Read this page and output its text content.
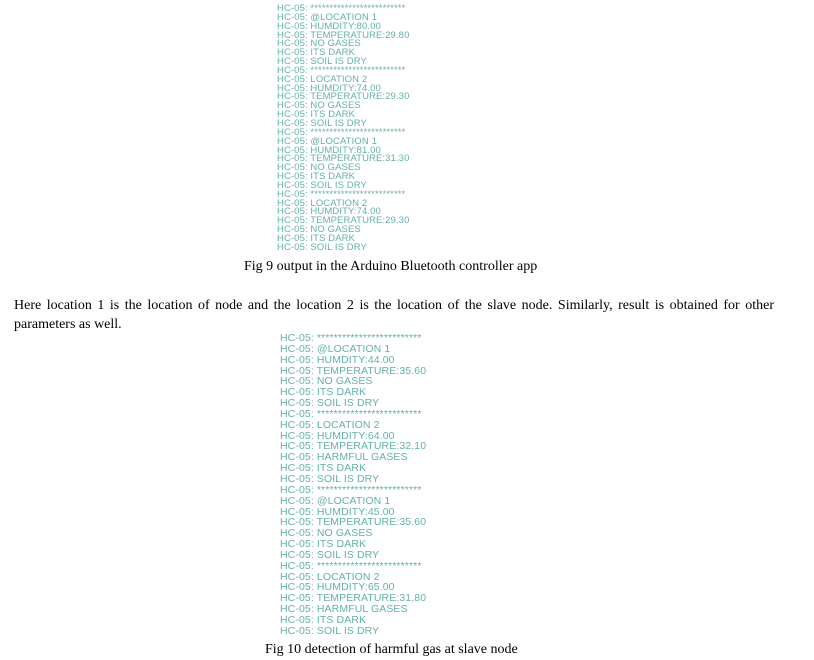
HC-05: *************************
HC-05: @LOCATION 1
HC-05: HUMDITY:80.00
HC-05: TEMPERATURE:29.80
HC-05: NO GASES
HC-05: ITS DARK
HC-05: SOIL IS DRY
HC-05: *************************
HC-05: LOCATION 2
HC-05: HUMDITY:74.00
HC-05: TEMPERATURE:29.30
HC-05: NO GASES
HC-05: ITS DARK
HC-05: SOIL IS DRY
HC-05: *************************
HC-05: @LOCATION 1
HC-05: HUMDITY:81.00
HC-05: TEMPERATURE:31.30
HC-05: NO GASES
HC-05: ITS DARK
HC-05: SOIL IS DRY
HC-05: *************************
HC-05: LOCATION 2
HC-05: HUMDITY:74.00
HC-05: TEMPERATURE:29.30
HC-05: NO GASES
HC-05: ITS DARK
HC-05: SOIL IS DRY
Fig 9 output in the Arduino Bluetooth controller app

Here location 1 is the location of node and the location 2 is the location of the slave node. Similarly, result is obtained for other parameters as well.

HC-05: *************************
HC-05: @LOCATION 1
HC-05: HUMDITY:44.00
HC-05: TEMPERATURE:35.60
HC-05: NO GASES
HC-05: ITS DARK
HC-05: SOIL IS DRY
HC-05: *************************
HC-05: LOCATION 2
HC-05: HUMDITY:64.00
HC-05: TEMPERATURE:32.10
HC-05: HARMFUL GASES
HC-05: ITS DARK
HC-05: SOIL IS DRY
HC-05: *************************
HC-05: @LOCATION 1
HC-05: HUMDITY:45.00
HC-05: TEMPERATURE:35.60
HC-05: NO GASES
HC-05: ITS DARK
HC-05: SOIL IS DRY
HC-05: *************************
HC-05: LOCATION 2
HC-05: HUMDITY:65.00
HC-05: TEMPERATURE:31.80
HC-05: HARMFUL GASES
HC-05: ITS DARK
HC-05: SOIL IS DRY
Fig 10 detection of harmful gas at slave node
